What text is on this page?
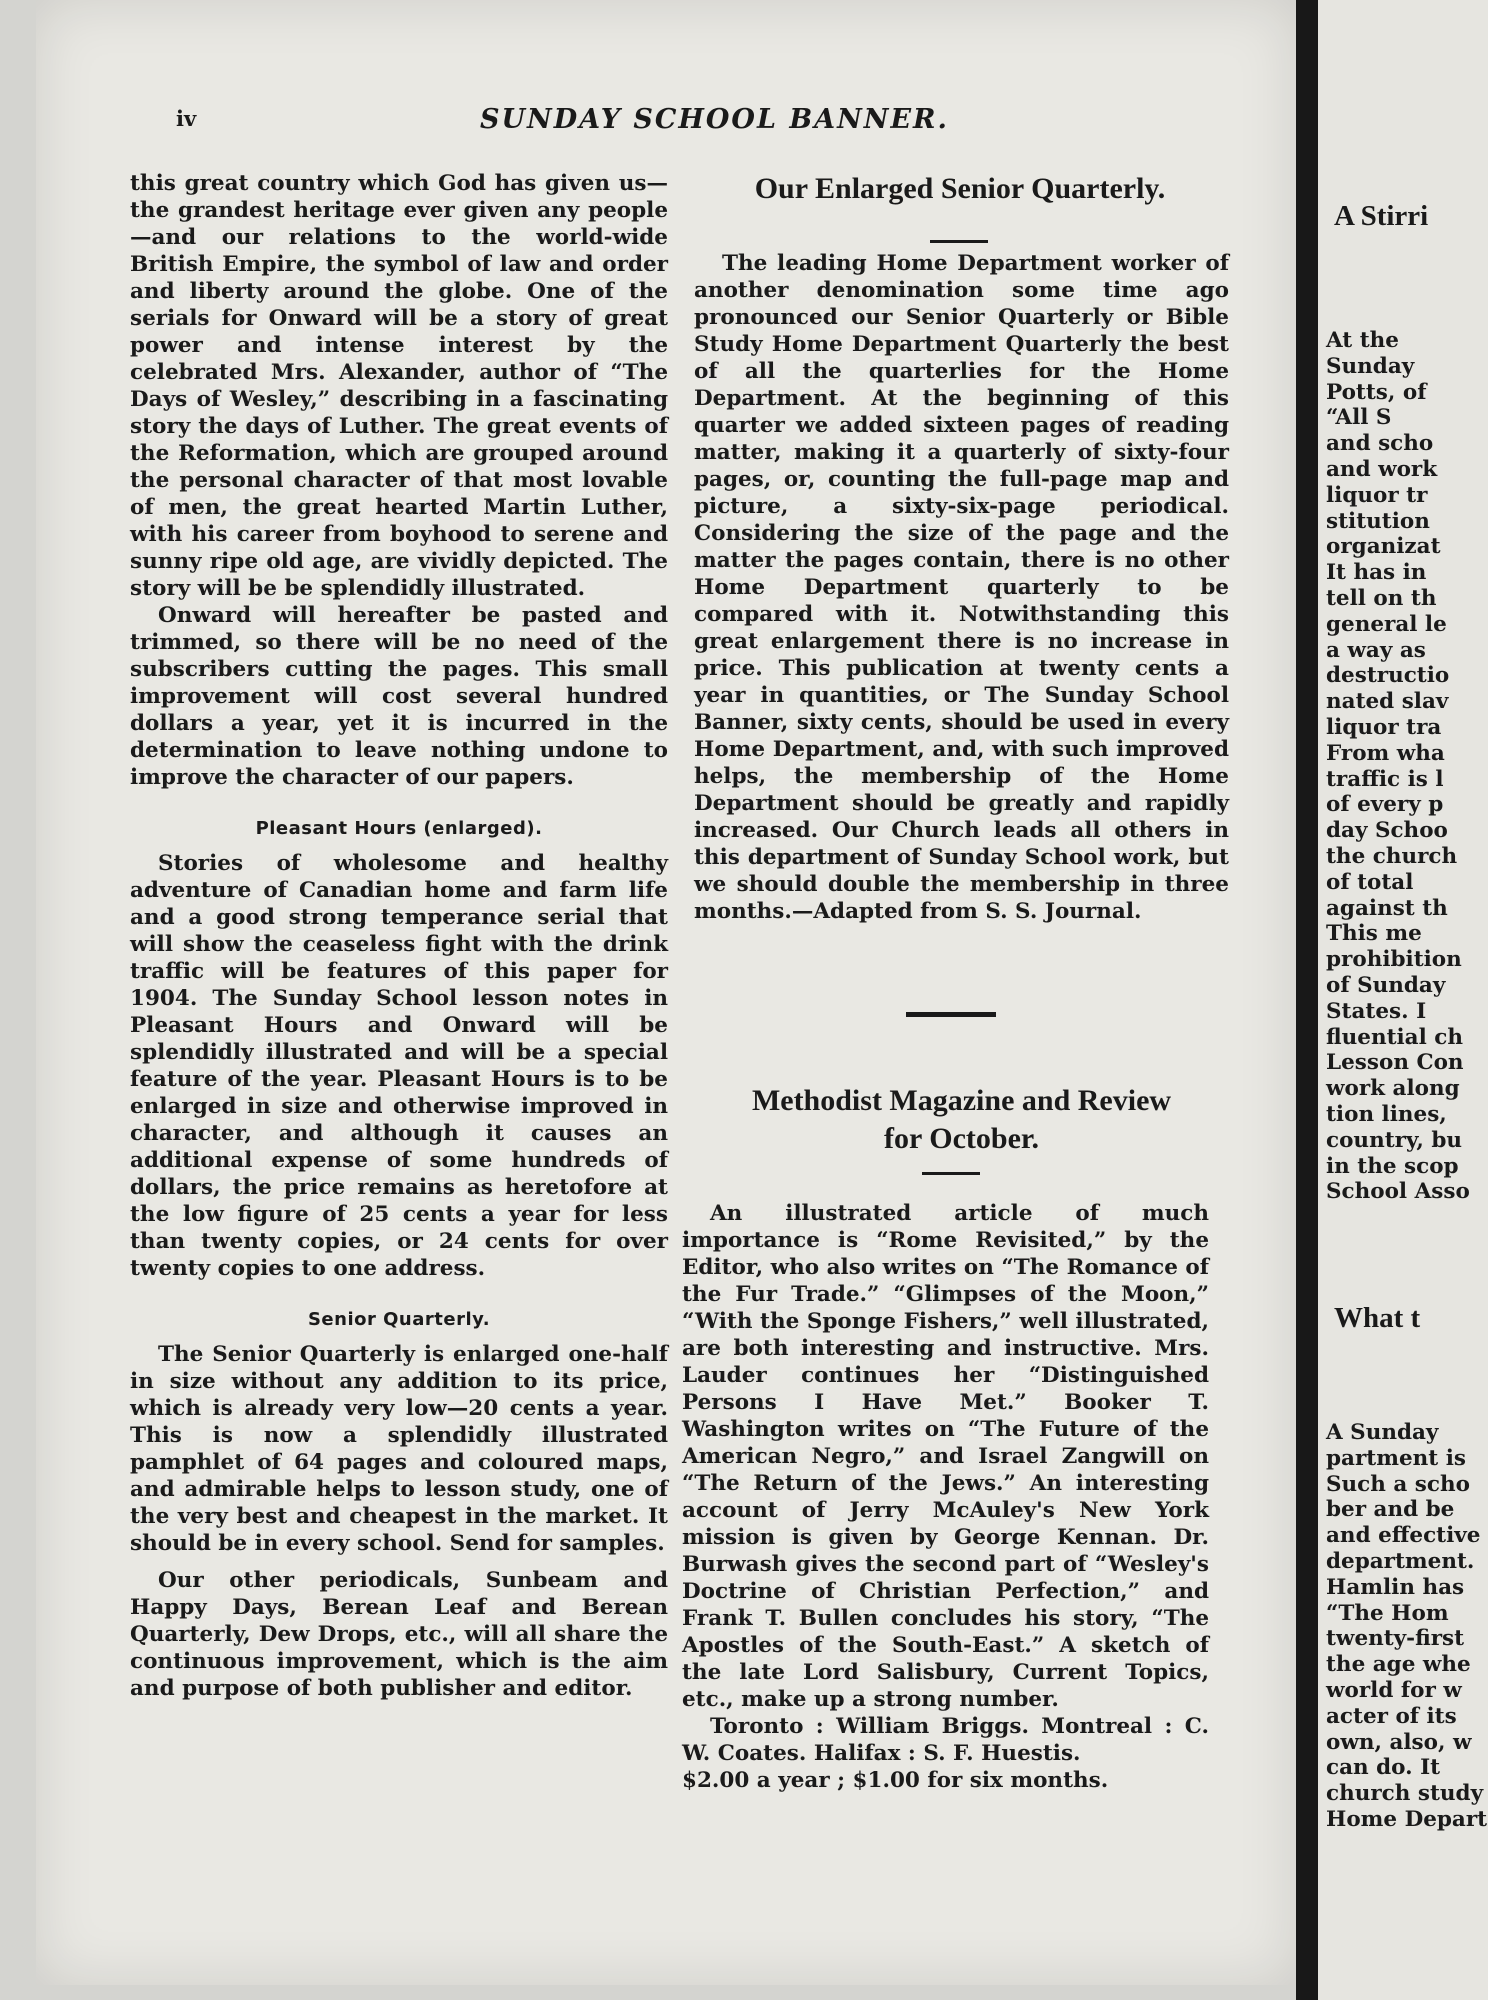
iv	SUNDAY SCHOOL BANNER.

this great country which God has given us—the grandest heritage ever given any people—and our relations to the world-wide British Empire, the symbol of law and order and liberty around the globe. One of the serials for Onward will be a story of great power and intense interest by the celebrated Mrs. Alexander, author of “The Days of Wesley,” describing in a fascinating story the days of Luther. The great events of the Reformation, which are grouped around the personal character of that most lovable of men, the great hearted Martin Luther, with his career from boyhood to serene and sunny ripe old age, are vividly depicted. The story will be be splendidly illustrated.

Onward will hereafter be pasted and trimmed, so there will be no need of the subscribers cutting the pages. This small improvement will cost several hundred dollars a year, yet it is incurred in the determination to leave nothing undone to improve the character of our papers.

Pleasant Hours (enlarged).

Stories of wholesome and healthy adventure of Canadian home and farm life and a good strong temperance serial that will show the ceaseless fight with the drink traffic will be features of this paper for 1904. The Sunday School lesson notes in Pleasant Hours and Onward will be splendidly illustrated and will be a special feature of the year. Pleasant Hours is to be enlarged in size and otherwise improved in character, and although it causes an additional expense of some hundreds of dollars, the price remains as heretofore at the low figure of 25 cents a year for less than twenty copies, or 24 cents for over twenty copies to one address.

Senior Quarterly.

The Senior Quarterly is enlarged one-half in size without any addition to its price, which is already very low—20 cents a year. This is now a splendidly illustrated pamphlet of 64 pages and coloured maps, and admirable helps to lesson study, one of the very best and cheapest in the market. It should be in every school. Send for samples.

Our other periodicals, Sunbeam and Happy Days, Berean Leaf and Berean Quarterly, Dew Drops, etc., will all share the continuous improvement, which is the aim and purpose of both publisher and editor.

Our Enlarged Senior Quarterly.

The leading Home Department worker of another denomination some time ago pronounced our Senior Quarterly or Bible Study Home Department Quarterly the best of all the quarterlies for the Home Department. At the beginning of this quarter we added sixteen pages of reading matter, making it a quarterly of sixty-four pages, or, counting the full-page map and picture, a sixty-six-page periodical. Considering the size of the page and the matter the pages contain, there is no other Home Department quarterly to be compared with it. Notwithstanding this great enlargement there is no increase in price. This publication at twenty cents a year in quantities, or The Sunday School Banner, sixty cents, should be used in every Home Department, and, with such improved helps, the membership of the Home Department should be greatly and rapidly increased. Our Church leads all others in this department of Sunday School work, but we should double the membership in three months.—Adapted from S. S. Journal.

Methodist Magazine and Review
for October.

An illustrated article of much importance is “Rome Revisited,” by the Editor, who also writes on “The Romance of the Fur Trade.” “Glimpses of the Moon,” “With the Sponge Fishers,” well illustrated, are both interesting and instructive. Mrs. Lauder continues her “Distinguished Persons I Have Met.” Booker T. Washington writes on “The Future of the American Negro,” and Israel Zangwill on “The Return of the Jews.” An interesting account of Jerry McAuley's New York mission is given by George Kennan. Dr. Burwash gives the second part of “Wesley's Doctrine of Christian Perfection,” and Frank T. Bullen concludes his story, “The Apostles of the South-East.” A sketch of the late Lord Salisbury, Current Topics, etc., make up a strong number.

Toronto : William Briggs. Montreal : C. W. Coates. Halifax : S. F. Huestis.

$2.00 a year ; $1.00 for six months.

A Stirri
At the
Sunday
Potts, of
“All S
and scho
and work
liquor tr
stitution
organizat
It has in
tell on th
general le
a way as
destructio
nated slav
liquor tra
From wha
traffic is l
of every p
day Schoo
the church
of total
against th
This me
prohibition
of Sunday
States. I
fluential ch
Lesson Con
work along
tion lines,
country, bu
in the scop
School Asso
What t
A Sunday
partment is
Such a scho
ber and be
and effective
department.
Hamlin has
“The Hom
twenty-first
the age whe
world for w
acter of its
own, also, w
can do. It
church study
Home Depart
